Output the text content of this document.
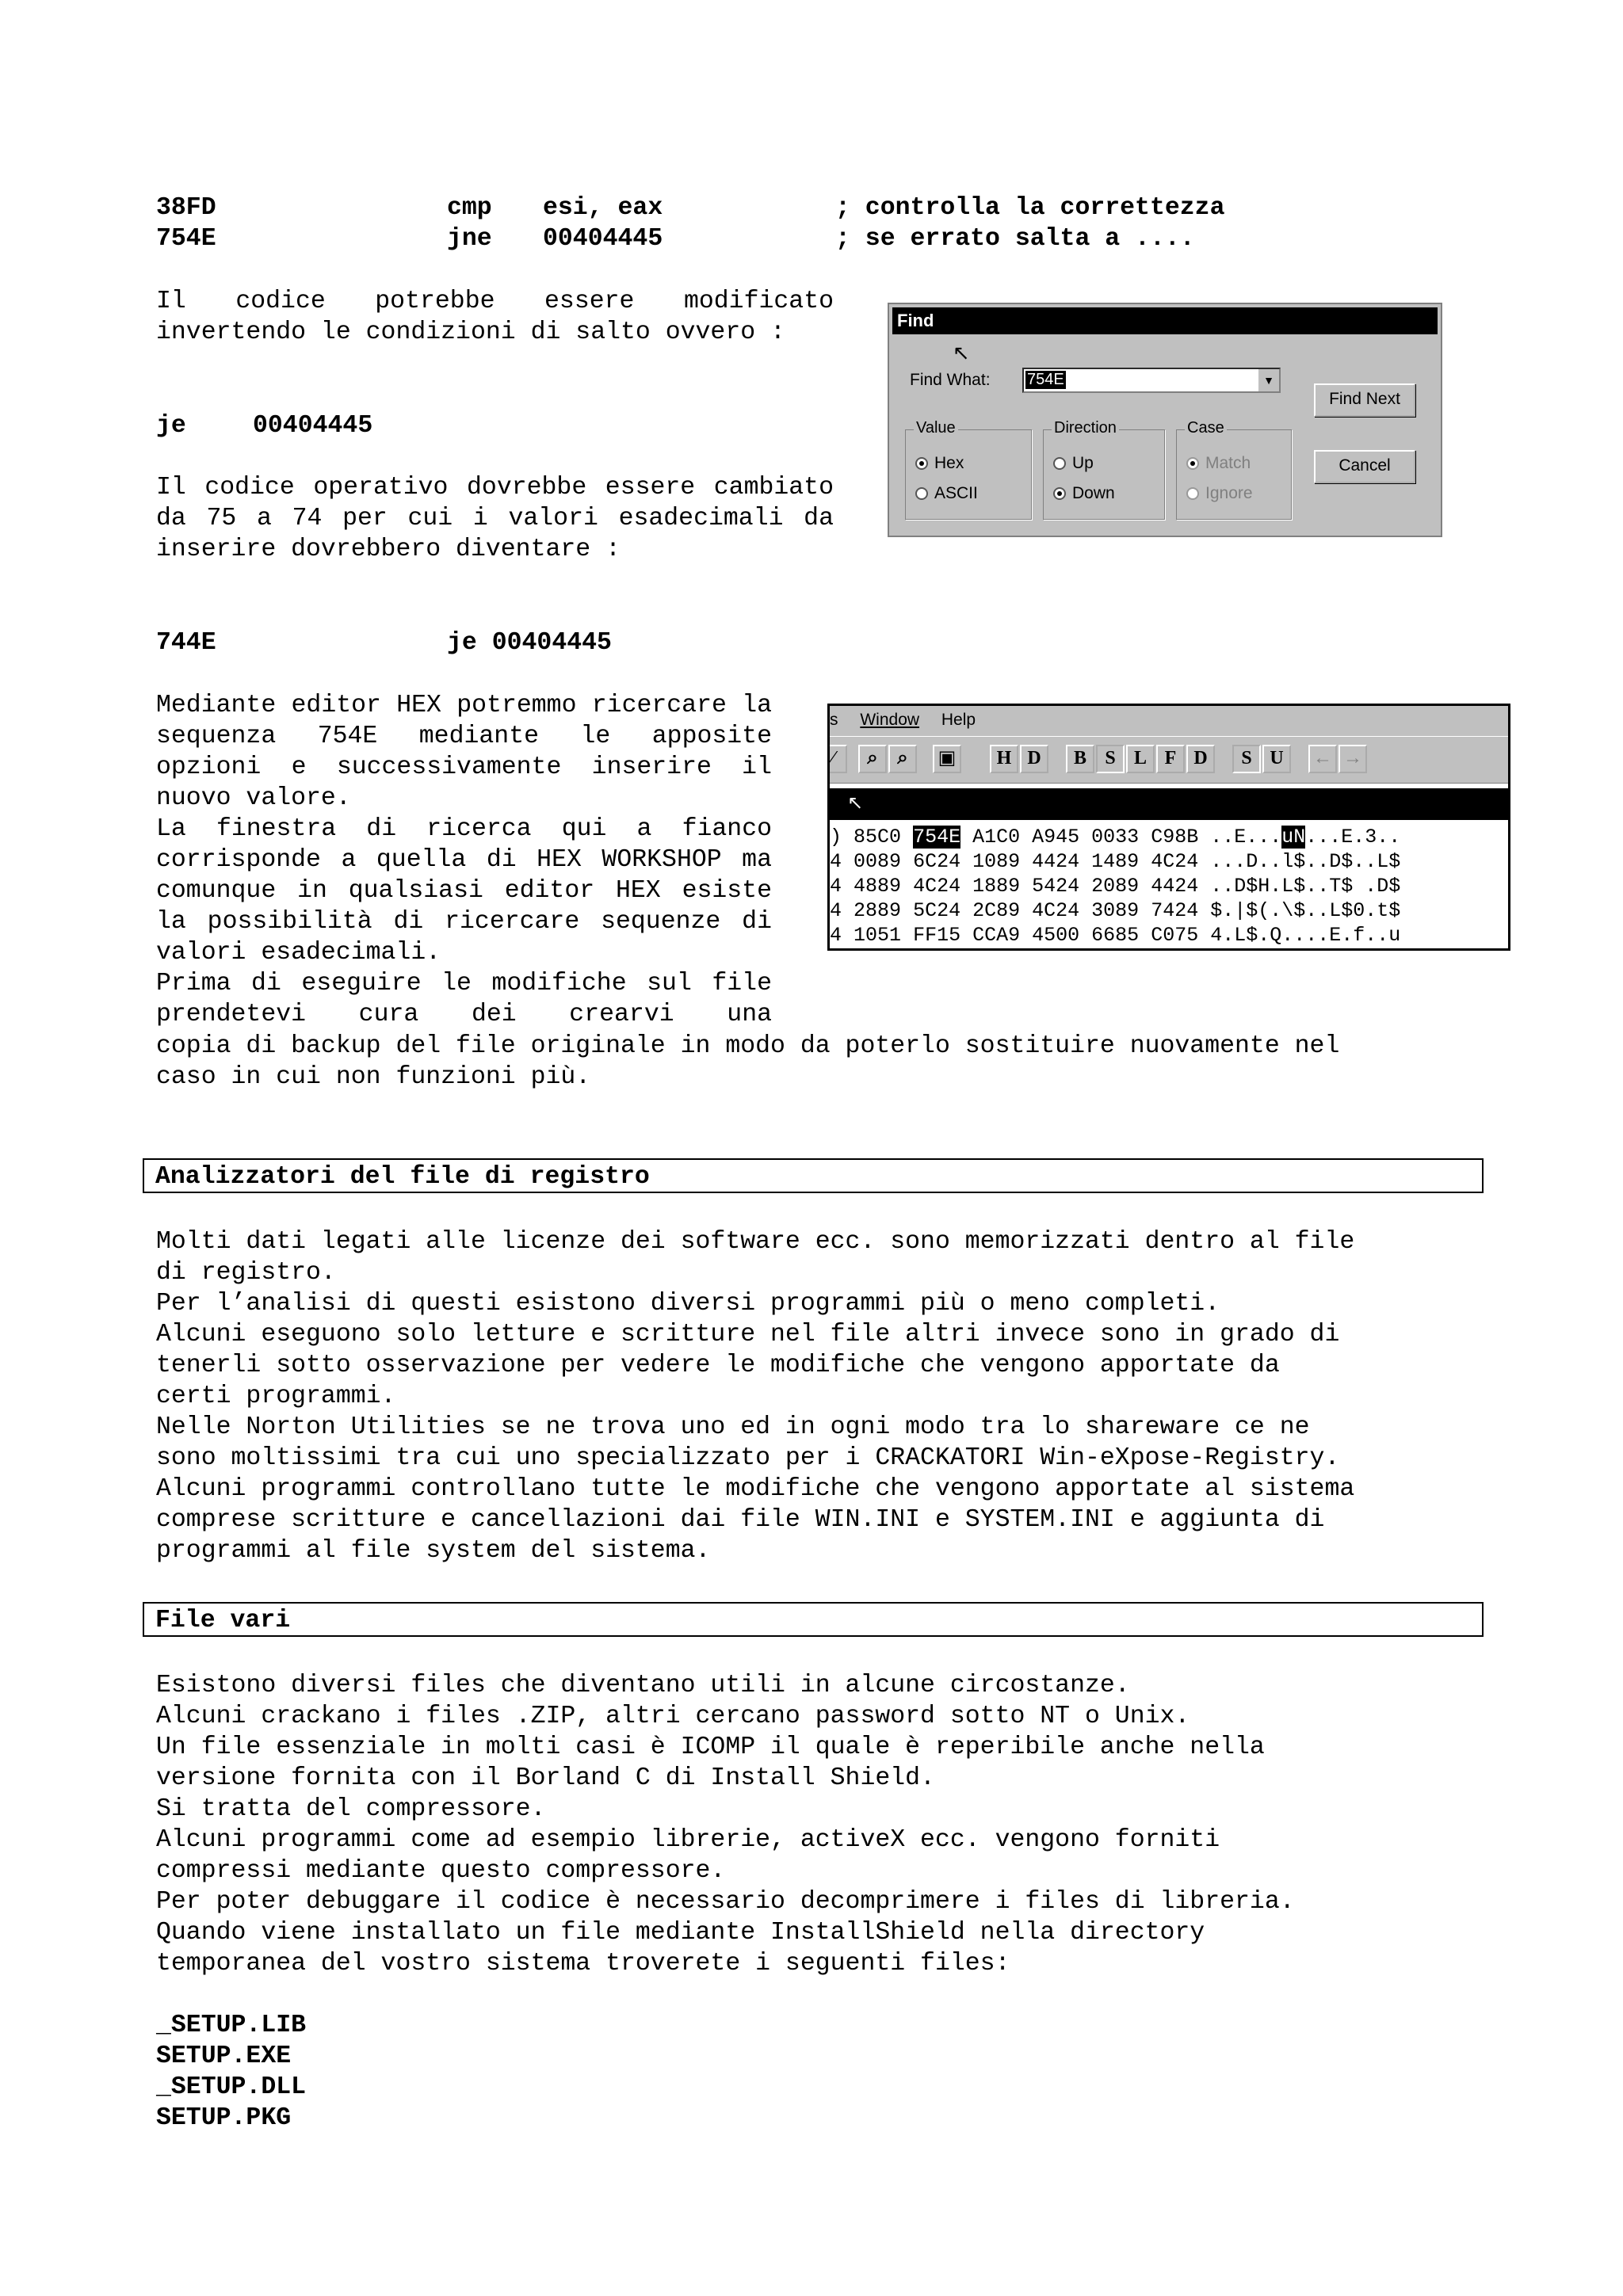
38FD	cmp esi, eax	; controlla la correttezza
754E	jne 00404445	; se errato salta a ....
Il codice potrebbe essere modificato invertendo le condizioni di salto ovvero :
je	00404445
Il codice operativo dovrebbe essere cambiato da 75 a 74 per cui i valori esadecimali da inserire dovrebbero diventare :
744E	je 00404445
Mediante editor HEX potremmo ricercare la sequenza 754E mediante le apposite opzioni e successivamente inserire il nuovo valore.
La finestra di ricerca qui a fianco corrisponde a quella di HEX WORKSHOP ma comunque in qualsiasi editor HEX esiste la possibilità di ricercare sequenze di valori esadecimali.
Prima di eseguire le modifiche sul file prendetevi cura dei crearvi una
copia di backup del file originale in modo da poterlo sostituire nuovamente nel
caso in cui non funzioni più.
Find
Find What: 754E	▼
↖
Find Next
Cancel
Value
Hex
ASCII
Direction
Up
Down
Case
Match
Ignore
s Window Help
⁄	⌕	⌕	▣	H D	B S L F D	S U	← →
↖
) 85C0 754E A1C0 A945 0033 C98B ..E...uN...E.3..
4 0089 6C24 1089 4424 1489 4C24 ...D..l$..D$..L$
4 4889 4C24 1889 5424 2089 4424 ..D$H.L$..T$ .D$
4 2889 5C24 2C89 4C24 3089 7424 $.|$(.\$..L$0.t$
4 1051 FF15 CCA9 4500 6685 C075 4.L$.Q....E.f..u
Analizzatori del file di registro
Molti dati legati alle licenze dei software ecc. sono memorizzati dentro al file
di registro.
Per l’analisi di questi esistono diversi programmi più o meno completi.
Alcuni eseguono solo letture e scritture nel file altri invece sono in grado di
tenerli sotto osservazione per vedere le modifiche che vengono apportate da
certi programmi.
Nelle Norton Utilities se ne trova uno ed in ogni modo tra lo shareware ce ne
sono moltissimi tra cui uno specializzato per i CRACKATORI Win-eXpose-Registry.
Alcuni programmi controllano tutte le modifiche che vengono apportate al sistema
comprese scritture e cancellazioni dai file WIN.INI e SYSTEM.INI e aggiunta di
programmi al file system del sistema.
File vari
Esistono diversi files che diventano utili in alcune circostanze.
Alcuni crackano i files .ZIP, altri cercano password sotto NT o Unix.
Un file essenziale in molti casi è ICOMP il quale è reperibile anche nella
versione fornita con il Borland C di Install Shield.
Si tratta del compressore.
Alcuni programmi come ad esempio librerie, activeX ecc. vengono forniti
compressi mediante questo compressore.
Per poter debuggare il codice è necessario decomprimere i files di libreria.
Quando viene installato un file mediante InstallShield nella directory
temporanea del vostro sistema troverete i seguenti files:
_SETUP.LIB
SETUP.EXE
_SETUP.DLL
SETUP.PKG
